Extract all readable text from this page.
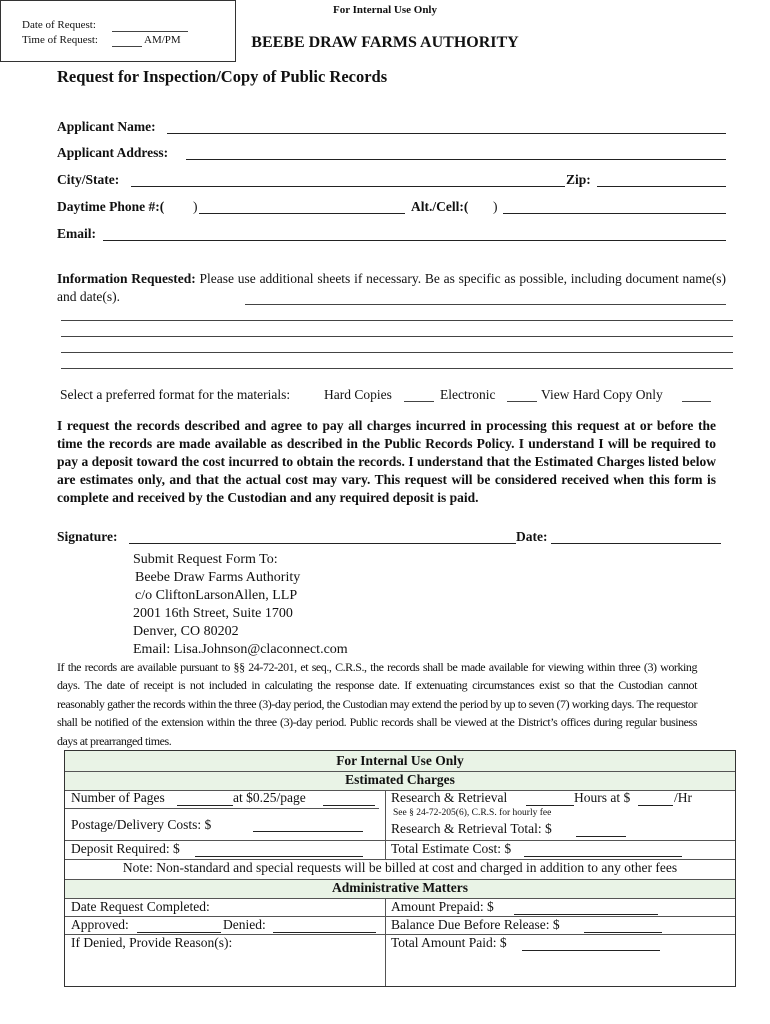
BEEBE DRAW FARMS AUTHORITY
Request for Inspection/Copy of Public Records
For Internal Use Only
Date of Request:
Time of Request:	AM/PM
Applicant Name:
Applicant Address:
City/State:	Zip:
Daytime Phone #:( )	Alt./Cell:( )
Email:
Information Requested: Please use additional sheets if necessary. Be as specific as possible, including document name(s) and date(s).
Select a preferred format for the materials:	Hard Copies	Electronic	View Hard Copy Only
I request the records described and agree to pay all charges incurred in processing this request at or before the time the records are made available as described in the Public Records Policy. I understand I will be required to pay a deposit toward the cost incurred to obtain the records. I understand that the Estimated Charges listed below are estimates only, and that the actual cost may vary. This request will be considered received when this form is complete and received by the Custodian and any required deposit is paid.
Signature:	Date:
Submit Request Form To:
Beebe Draw Farms Authority
c/o CliftonLarsonAllen, LLP
2001 16th Street, Suite 1700
Denver, CO 80202
Email: Lisa.Johnson@claconnect.com
If the records are available pursuant to §§ 24-72-201, et seq., C.R.S., the records shall be made available for viewing within three (3) working days. The date of receipt is not included in calculating the response date. If extenuating circumstances exist so that the Custodian cannot reasonably gather the records within the three (3)-day period, the Custodian may extend the period by up to seven (7) working days. The requestor shall be notified of the extension within the three (3)-day period. Public records shall be viewed at the District’s offices during regular business days at prearranged times.
For Internal Use Only
Estimated Charges
Number of Pages	at $0.25/page	Research & Retrieval	Hours at $	/Hr
Postage/Delivery Costs: $
See § 24-72-205(6), C.R.S. for hourly fee
Research & Retrieval Total: $
Deposit Required: $	Total Estimate Cost: $
Note: Non-standard and special requests will be billed at cost and charged in addition to any other fees
Administrative Matters
Date Request Completed:	Amount Prepaid: $
Approved:	Denied:	Balance Due Before Release: $
If Denied, Provide Reason(s):	Total Amount Paid: $
